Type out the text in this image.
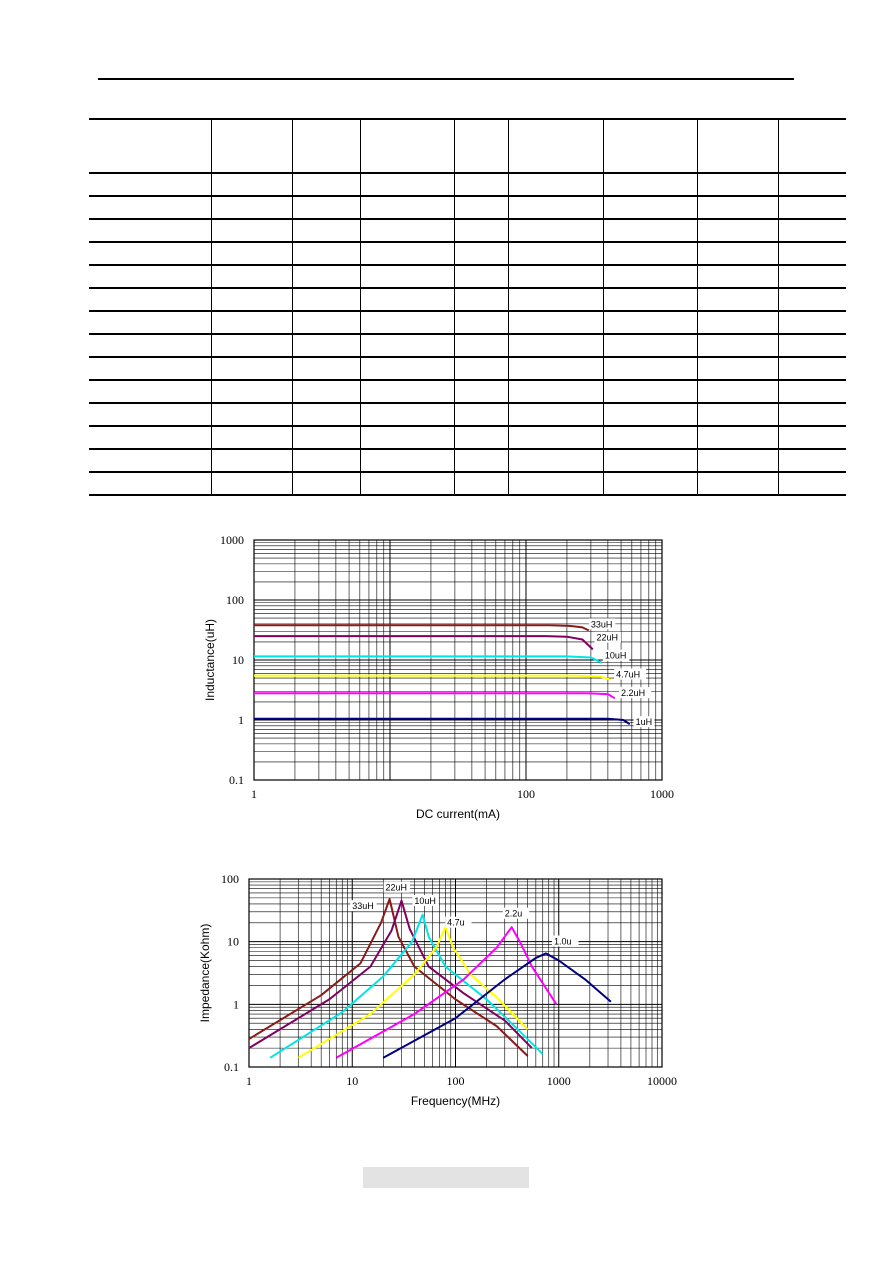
1	100	1000
0.1
1
10
100
1000
DC current(mA)
Inductance(uH)	33uH
22uH
10uH
4.7uH
2.2uH
1uH
1	10	100	1000	10000
0.1
1
10
100
Frequency(MHz)
Impedance(Kohm)
33uH
22uH
10uH
4.7u
2.2u
1.0u
